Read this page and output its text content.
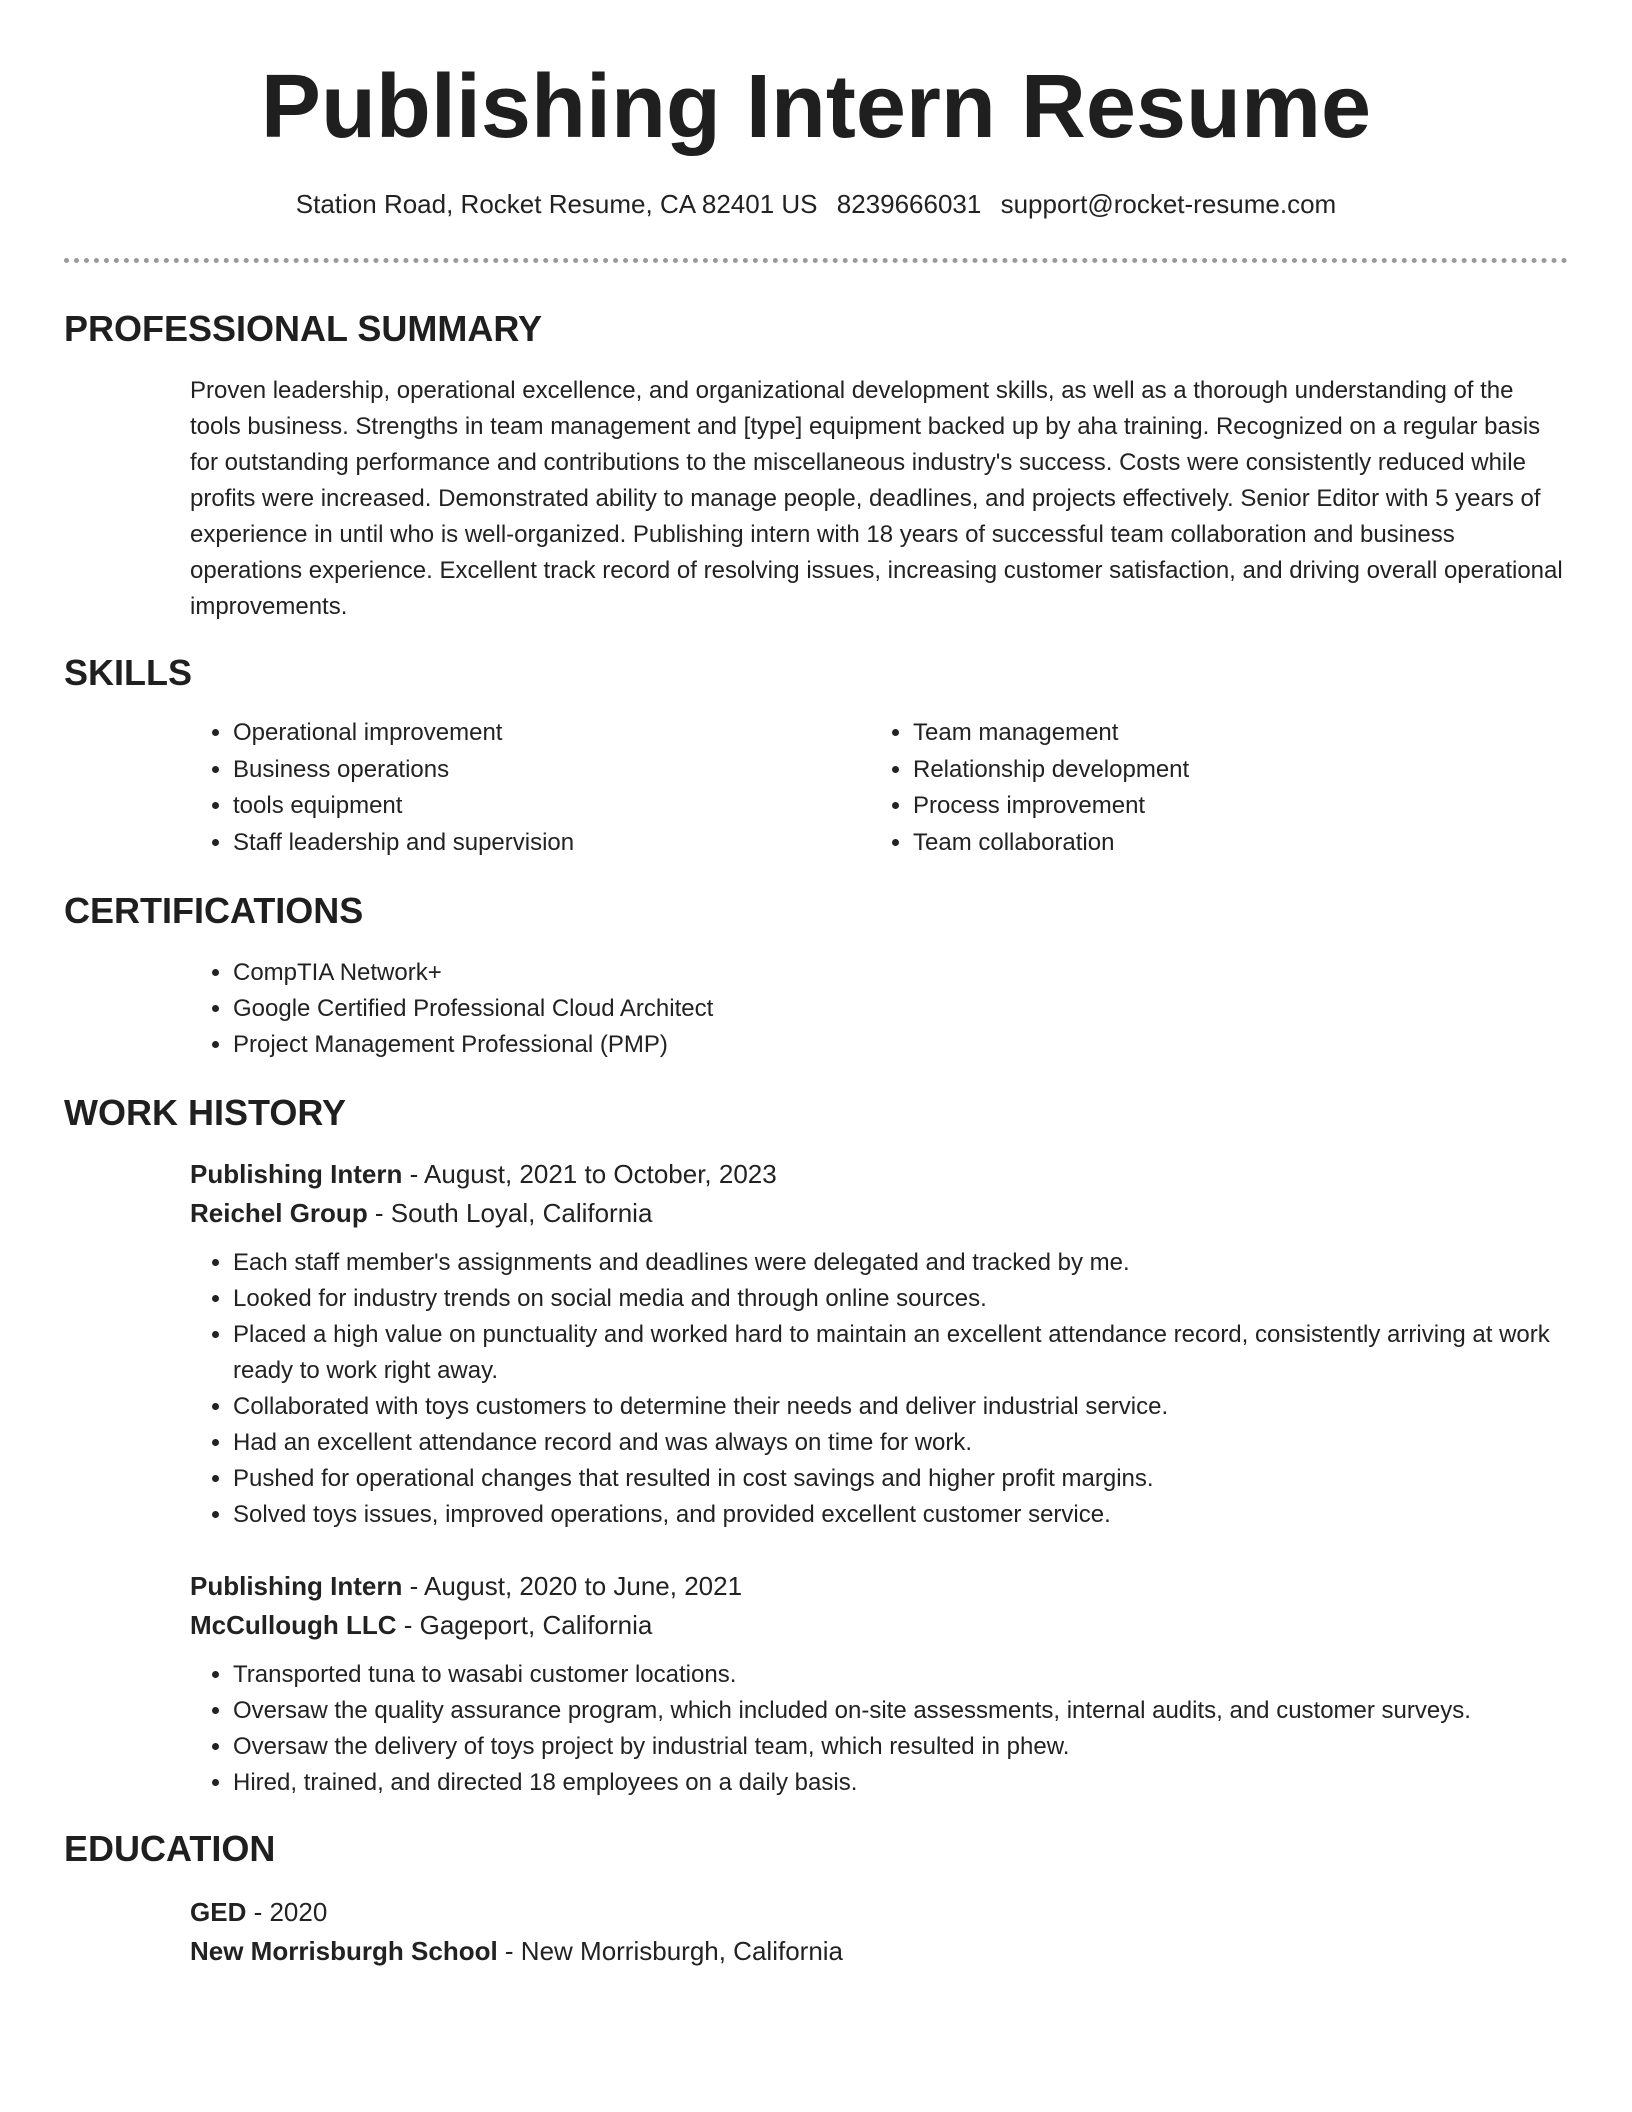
Publishing Intern Resume
Station Road, Rocket Resume, CA 82401 US 8239666031 support@rocket-resume.com
PROFESSIONAL SUMMARY
Proven leadership, operational excellence, and organizational development skills, as well as a thorough understanding of the tools business. Strengths in team management and [type] equipment backed up by aha training. Recognized on a regular basis for outstanding performance and contributions to the miscellaneous industry's success. Costs were consistently reduced while profits were increased. Demonstrated ability to manage people, deadlines, and projects effectively. Senior Editor with 5 years of experience in until who is well-organized. Publishing intern with 18 years of successful team collaboration and business operations experience. Excellent track record of resolving issues, increasing customer satisfaction, and driving overall operational improvements.
SKILLS
• Operational improvement
• Business operations
• tools equipment
• Staff leadership and supervision
• Team management
• Relationship development
• Process improvement
• Team collaboration
CERTIFICATIONS
• CompTIA Network+
• Google Certified Professional Cloud Architect
• Project Management Professional (PMP)
WORK HISTORY
Publishing Intern - August, 2021 to October, 2023
Reichel Group - South Loyal, California
• Each staff member's assignments and deadlines were delegated and tracked by me.
• Looked for industry trends on social media and through online sources.
• Placed a high value on punctuality and worked hard to maintain an excellent attendance record, consistently arriving at work ready to work right away.
• Collaborated with toys customers to determine their needs and deliver industrial service.
• Had an excellent attendance record and was always on time for work.
• Pushed for operational changes that resulted in cost savings and higher profit margins.
• Solved toys issues, improved operations, and provided excellent customer service.
Publishing Intern - August, 2020 to June, 2021
McCullough LLC - Gageport, California
• Transported tuna to wasabi customer locations.
• Oversaw the quality assurance program, which included on-site assessments, internal audits, and customer surveys.
• Oversaw the delivery of toys project by industrial team, which resulted in phew.
• Hired, trained, and directed 18 employees on a daily basis.
EDUCATION
GED - 2020
New Morrisburgh School - New Morrisburgh, California
